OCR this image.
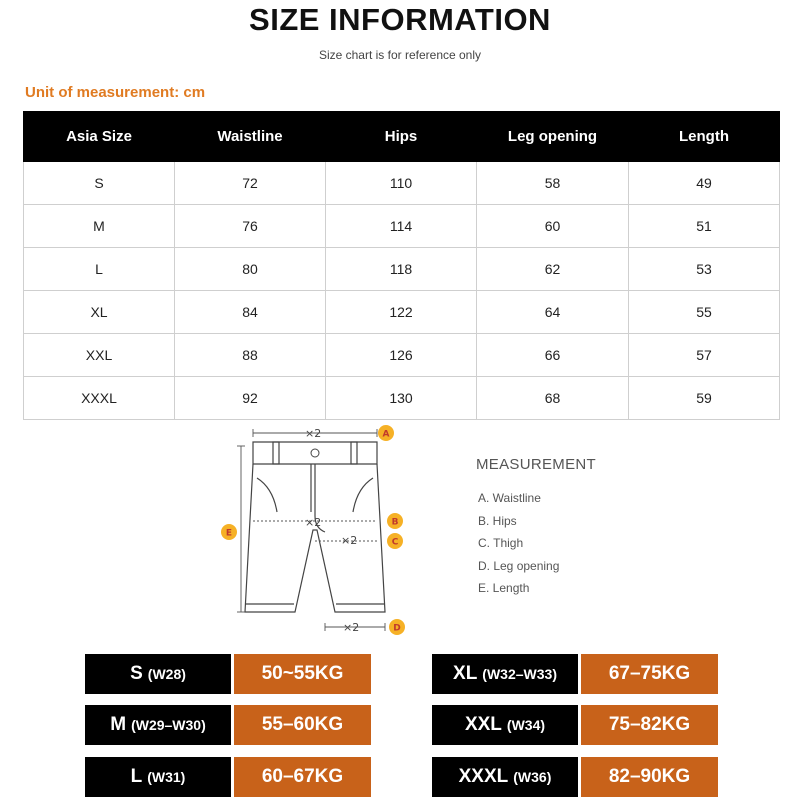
SIZE INFORMATION
Size chart is for reference only
Unit of measurement: cm
Asia Size	Waistline	Hips	Leg opening	Length
S	72	110	58	49
M	76	114	60	51
L	80	118	62	53
XL	84	122	64	55
XXL	88	126	66	57
XXXL	92	130	68	59
×2
×2
×2
×2
A
B
C
D
E
MEASUREMENT
A. Waistline
B. Hips
C. Thigh
D. Leg opening
E. Length
S (W28)	50~55KG	XL (W32–W33)	67–75KG
M (W29–W30)	55–60KG	XXL (W34)	75–82KG
L (W31)	60–67KG	XXXL (W36)	82–90KG
